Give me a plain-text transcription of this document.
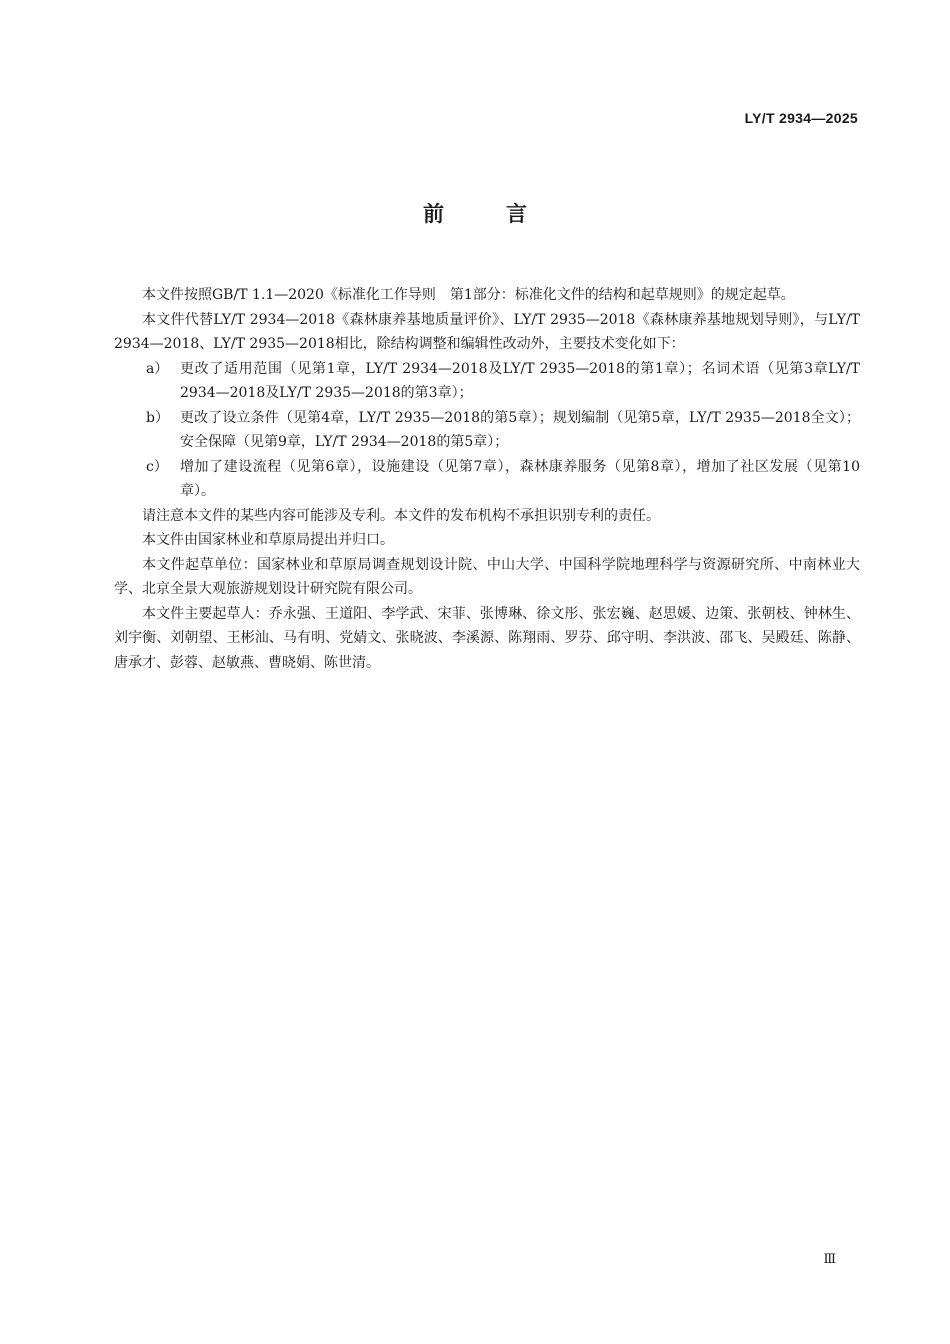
LY/T 2934—2025
前言

本文件按照GB/T 1.1—2020《标准化工作导则　第1部分：标准化文件的结构和起草规则》的规定起草。

本文件代替LY/T 2934—2018《森林康养基地质量评价》、LY/T 2935—2018《森林康养基地规划导则》，与LY/T 2934—2018、LY/T 2935—2018相比，除结构调整和编辑性改动外，主要技术变化如下：

a） 更改了适用范围（见第1章，LY/T 2934—2018及LY/T 2935—2018的第1章）；名词术语（见第3章LY/T 2934—2018及LY/T 2935—2018的第3章）；

b） 更改了设立条件（见第4章，LY/T 2935—2018的第5章）；规划编制（见第5章，LY/T 2935—2018全文）；安全保障（见第9章，LY/T 2934—2018的第5章）；

c） 增加了建设流程（见第6章），设施建设（见第7章），森林康养服务（见第8章），增加了社区发展（见第10章）。

请注意本文件的某些内容可能涉及专利。本文件的发布机构不承担识别专利的责任。

本文件由国家林业和草原局提出并归口。

本文件起草单位：国家林业和草原局调查规划设计院、中山大学、中国科学院地理科学与资源研究所、中南林业大学、北京全景大观旅游规划设计研究院有限公司。

本文件主要起草人：乔永强、王道阳、李学武、宋菲、张博琳、徐文彤、张宏巍、赵思媛、边策、张朝枝、钟林生、刘宇衡、刘朝望、王彬汕、马有明、党婧文、张晓波、李溪源、陈翔雨、罗芬、邱守明、李洪波、邵飞、吴殿廷、陈静、唐承才、彭蓉、赵敏燕、曹晓娟、陈世清。

Ⅲ
